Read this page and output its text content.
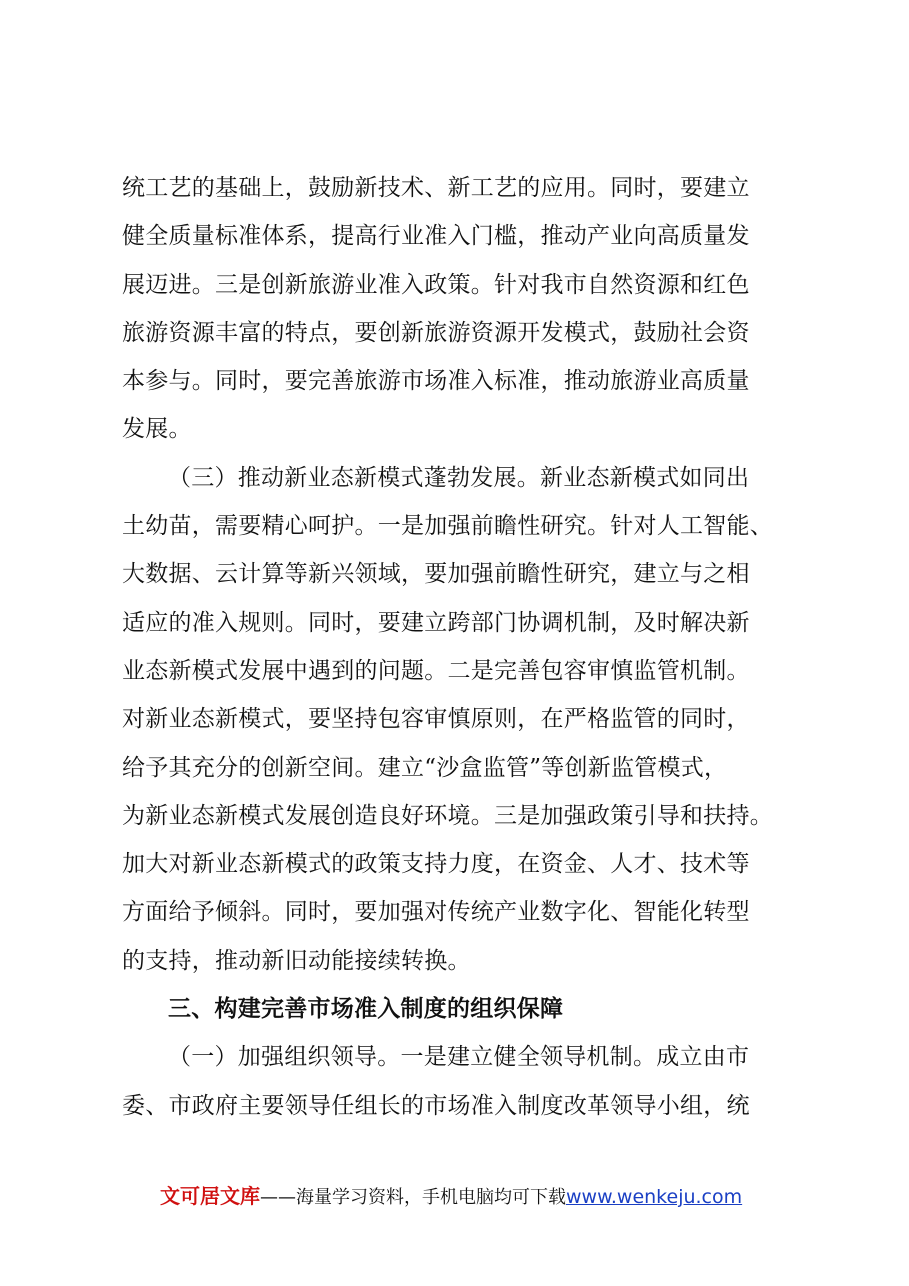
统工艺的基础上，鼓励新技术、新工艺的应用。同时，要建立
健全质量标准体系，提高行业准入门槛，推动产业向高质量发
展迈进。三是创新旅游业准入政策。针对我市自然资源和红色
旅游资源丰富的特点，要创新旅游资源开发模式，鼓励社会资
本参与。同时，要完善旅游市场准入标准，推动旅游业高质量
发展。
（三）推动新业态新模式蓬勃发展。新业态新模式如同出
土幼苗，需要精心呵护。一是加强前瞻性研究。针对人工智能、
大数据、云计算等新兴领域，要加强前瞻性研究，建立与之相
适应的准入规则。同时，要建立跨部门协调机制，及时解决新
业态新模式发展中遇到的问题。二是完善包容审慎监管机制。
对新业态新模式，要坚持包容审慎原则，在严格监管的同时，
给予其充分的创新空间。建立“沙盒监管”等创新监管模式，
为新业态新模式发展创造良好环境。三是加强政策引导和扶持。
加大对新业态新模式的政策支持力度，在资金、人才、技术等
方面给予倾斜。同时，要加强对传统产业数字化、智能化转型
的支持，推动新旧动能接续转换。
三、构建完善市场准入制度的组织保障
（一）加强组织领导。一是建立健全领导机制。成立由市
委、市政府主要领导任组长的市场准入制度改革领导小组，统
文可居文库——海量学习资料，手机电脑均可下载www.wenkeju.com
